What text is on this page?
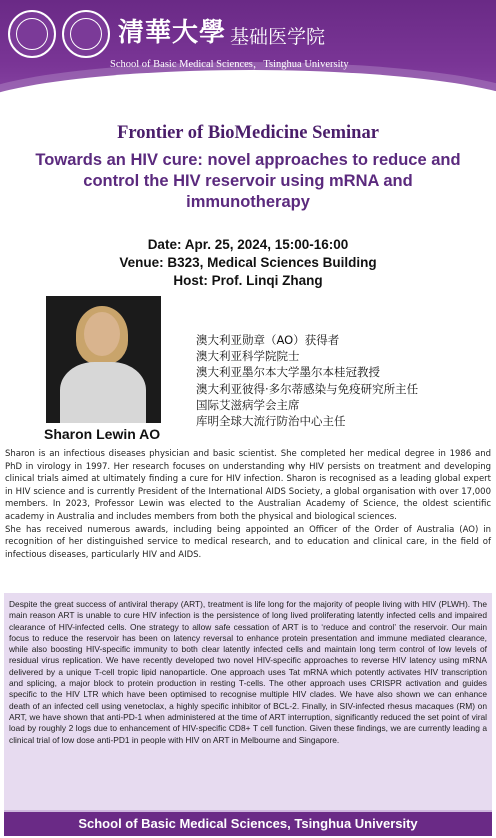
清華大學 基础医学院
School of Basic Medical Sciences，Tsinghua University
Frontier of BioMedicine Seminar
Towards an HIV cure: novel approaches to reduce and control the HIV reservoir using mRNA and immunotherapy
Date: Apr. 25, 2024, 15:00-16:00
Venue: B323, Medical Sciences Building
Host: Prof. Linqi Zhang
Sharon Lewin AO
澳大利亚勋章（AO）获得者
澳大利亚科学院院士
澳大利亚墨尔本大学墨尔本桂冠教授
澳大利亚彼得·多尔蒂感染与免疫研究所主任
国际艾滋病学会主席
库明全球大流行防治中心主任

Sharon is an infectious diseases physician and basic scientist. She completed her medical degree in 1986 and PhD in virology in 1997. Her research focuses on understanding why HIV persists on treatment and developing clinical trials aimed at ultimately finding a cure for HIV infection. Sharon is recognised as a leading global expert in HIV science and is currently President of the International AIDS Society, a global organisation with over 17,000 members. In 2023, Professor Lewin was elected to the Australian Academy of Science, the oldest scientific academy in Australia and includes members from both the physical and biological sciences.

She has received numerous awards, including being appointed an Officer of the Order of Australia (AO) in recognition of her distinguished service to medical research, and to education and clinical care, in the field of infectious diseases, particularly HIV and AIDS.

Despite the great success of antiviral therapy (ART), treatment is life long for the majority of people living with HIV (PLWH). The main reason ART is unable to cure HIV infection is the persistence of long lived proliferating latently infected cells and impaired clearance of HIV-infected cells. One strategy to allow safe cessation of ART is to ‘reduce and control’ the reservoir. Our main focus to reduce the reservoir has been on latency reversal to enhance protein presentation and immune mediated clearance, while also boosting HIV-specific immunity to both clear latently infected cells and maintain long term control of low levels of residual virus replication. We have recently developed two novel HIV-specific approaches to reverse HIV latency using mRNA delivered by a unique T-cell tropic lipid nanoparticle. One approach uses Tat mRNA which potently activates HIV transcription and splicing, a major block to protein production in resting T-cells. The other approach uses CRISPR activation and guides specific to the HIV LTR which have been optimised to recognise multiple HIV clades. We have also shown we can enhance death of an infected cell using venetoclax, a highly specific inhibitor of BCL-2. Finally, in SIV-infected rhesus macaques (RM) on ART, we have shown that anti-PD-1 when administered at the time of ART interruption, significantly reduced the set point of viral load by roughly 2 logs due to enhancement of HIV-specific CD8+ T cell function. Given these findings, we are currently leading a clinical trial of low dose anti-PD1 in people with HIV on ART in Melbourne and Singapore.
School of Basic Medical Sciences, Tsinghua University
